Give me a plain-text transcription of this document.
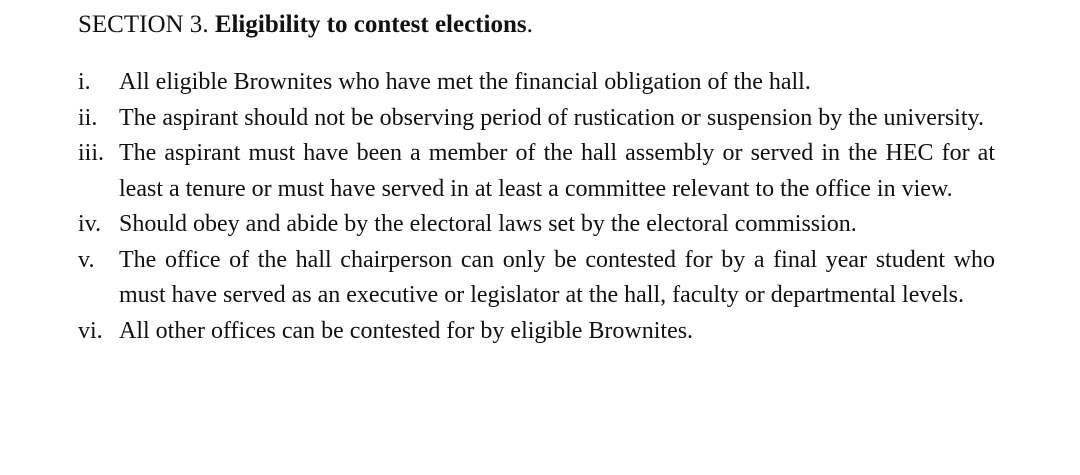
SECTION 3. Eligibility to contest elections.
i. All eligible Brownites who have met the financial obligation of the hall.
ii. The aspirant should not be observing period of rustication or suspension by the university.
iii. The aspirant must have been a member of the hall assembly or served in the HEC for at least a tenure or must have served in at least a committee relevant to the office in view.
iv. Should obey and abide by the electoral laws set by the electoral commission.
v. The office of the hall chairperson can only be contested for by a final year student who must have served as an executive or legislator at the hall, faculty or departmental levels.
vi. All other offices can be contested for by eligible Brownites.
